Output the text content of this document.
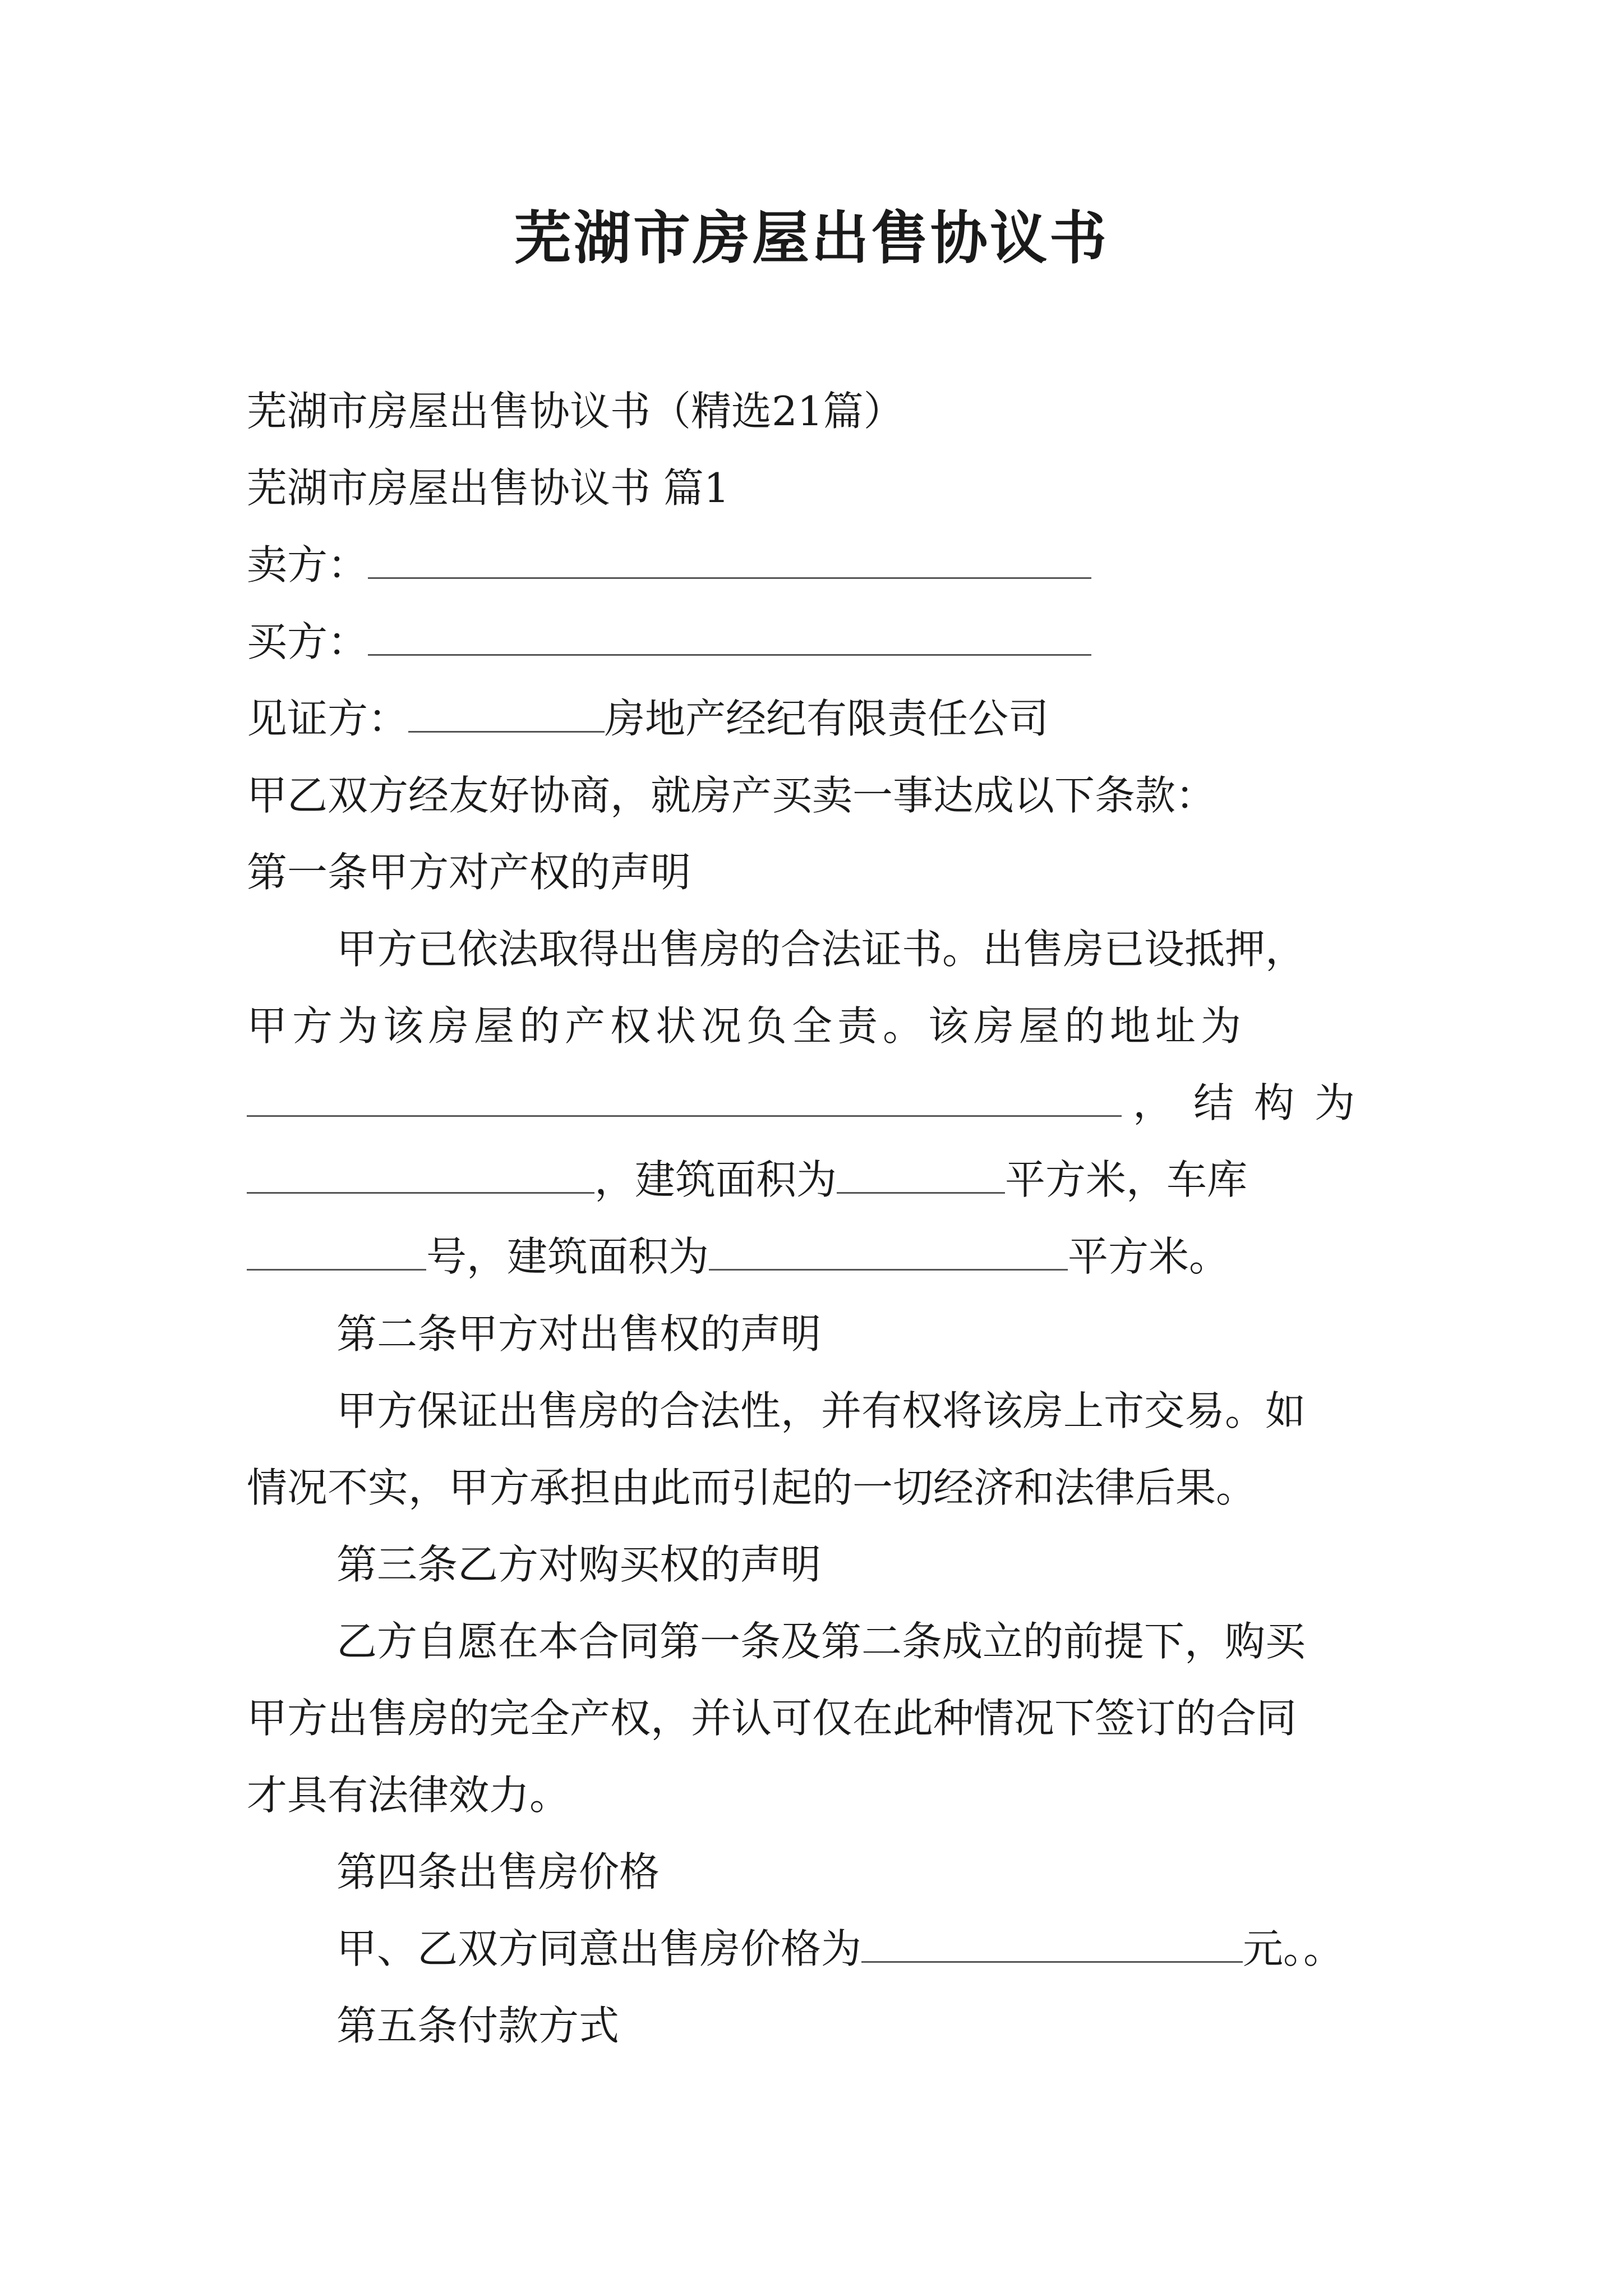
芜湖市房屋出售协议书

芜湖市房屋出售协议书（精选21篇）

芜湖市房屋出售协议书 篇1

卖方：

买方：

见证方：	房地产经纪有限责任公司

甲乙双方经友好协商，就房产买卖一事达成以下条款：

第一条甲方对产权的声明

甲方已依法取得出售房的合法证书。出售房已设抵押，

甲方为该房屋的产权状况负全责。该房屋的地址为

，结构为

，建筑面积为	平方米，车库

号，建筑面积为	平方米。

第二条甲方对出售权的声明

甲方保证出售房的合法性，并有权将该房上市交易。如

情况不实，甲方承担由此而引起的一切经济和法律后果。

第三条乙方对购买权的声明

乙方自愿在本合同第一条及第二条成立的前提下，购买

甲方出售房的完全产权，并认可仅在此种情况下签订的合同

才具有法律效力。

第四条出售房价格

甲、乙双方同意出售房价格为	元。。

第五条付款方式
